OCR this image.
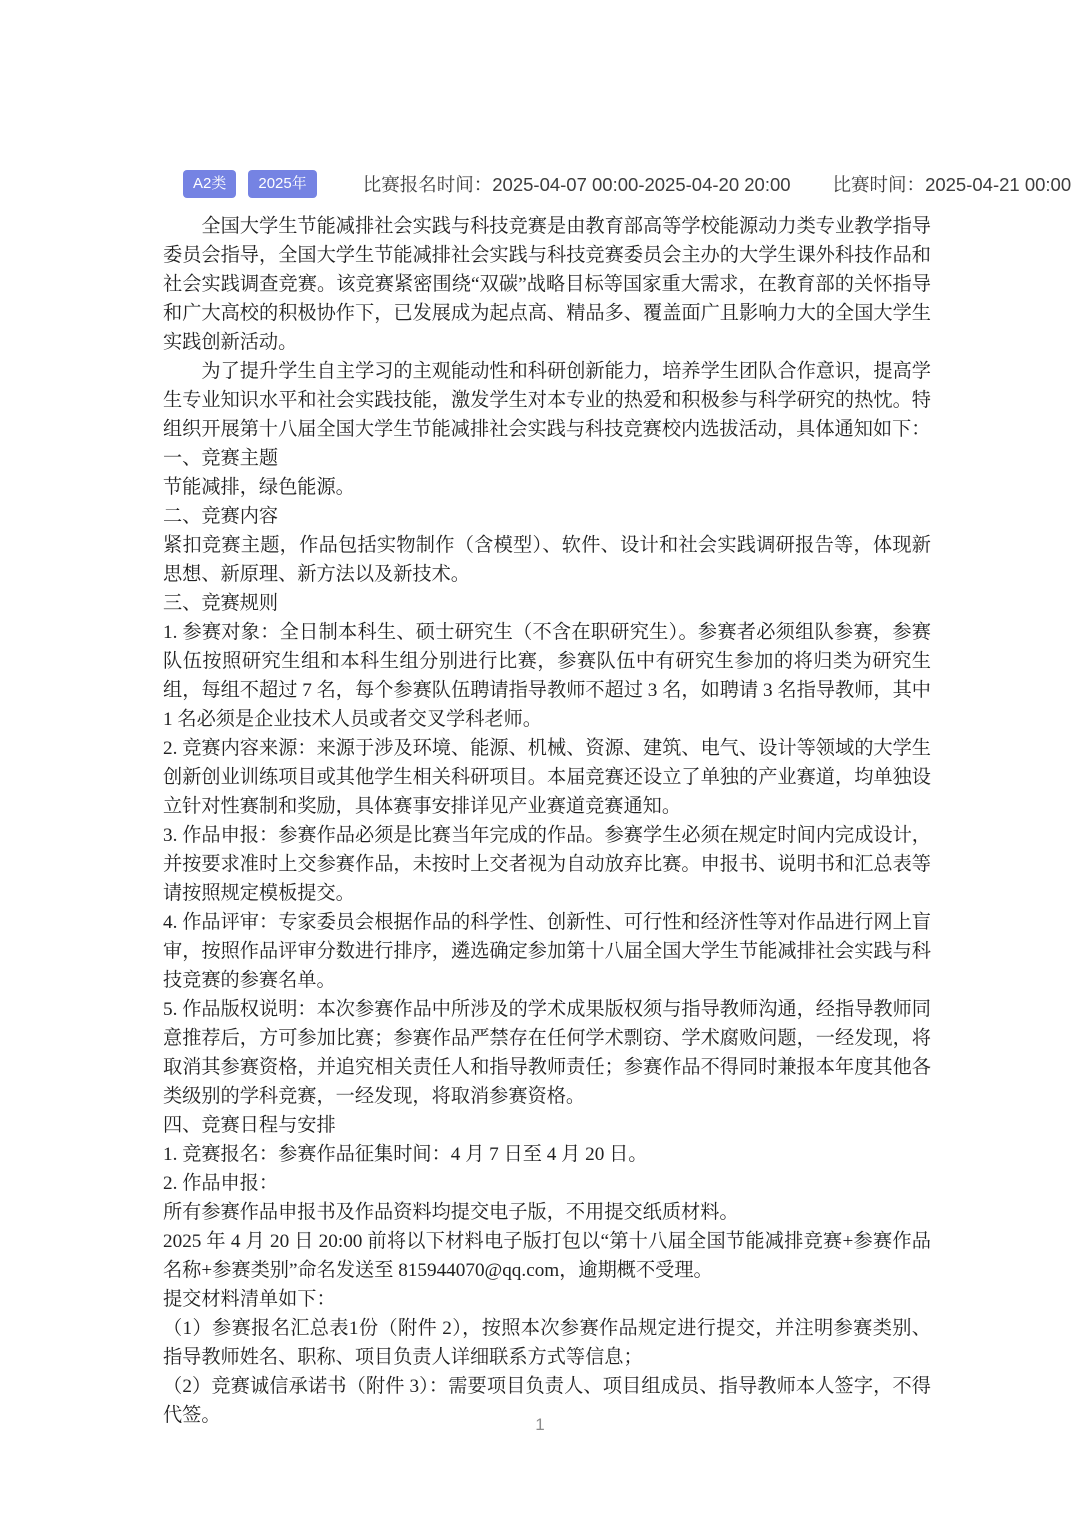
A2类	2025年	比赛报名时间：2025-04-07 00:00-2025-04-20 20:00 比赛时间：2025-04-21 00:00

全国大学生节能减排社会实践与科技竞赛是由教育部高等学校能源动力类专业教学指导委员会指导，全国大学生节能减排社会实践与科技竞赛委员会主办的大学生课外科技作品和社会实践调查竞赛。该竞赛紧密围绕“双碳”战略目标等国家重大需求，在教育部的关怀指导和广大高校的积极协作下，已发展成为起点高、精品多、覆盖面广且影响力大的全国大学生实践创新活动。

为了提升学生自主学习的主观能动性和科研创新能力，培养学生团队合作意识，提高学生专业知识水平和社会实践技能，激发学生对本专业的热爱和积极参与科学研究的热忱。特组织开展第十八届全国大学生节能减排社会实践与科技竞赛校内选拔活动，具体通知如下：

一、竞赛主题

节能减排，绿色能源。

二、竞赛内容

紧扣竞赛主题，作品包括实物制作（含模型）、软件、设计和社会实践调研报告等，体现新思想、新原理、新方法以及新技术。

三、竞赛规则

1. 参赛对象：全日制本科生、硕士研究生（不含在职研究生）。参赛者必须组队参赛，参赛队伍按照研究生组和本科生组分别进行比赛，参赛队伍中有研究生参加的将归类为研究生组，每组不超过 7 名，每个参赛队伍聘请指导教师不超过 3 名，如聘请 3 名指导教师，其中 1 名必须是企业技术人员或者交叉学科老师。

2. 竞赛内容来源：来源于涉及环境、能源、机械、资源、建筑、电气、设计等领域的大学生创新创业训练项目或其他学生相关科研项目。本届竞赛还设立了单独的产业赛道，均单独设立针对性赛制和奖励，具体赛事安排详见产业赛道竞赛通知。

3. 作品申报：参赛作品必须是比赛当年完成的作品。参赛学生必须在规定时间内完成设计，并按要求准时上交参赛作品，未按时上交者视为自动放弃比赛。申报书、说明书和汇总表等请按照规定模板提交。

4. 作品评审：专家委员会根据作品的科学性、创新性、可行性和经济性等对作品进行网上盲审，按照作品评审分数进行排序，遴选确定参加第十八届全国大学生节能减排社会实践与科技竞赛的参赛名单。

5. 作品版权说明：本次参赛作品中所涉及的学术成果版权须与指导教师沟通，经指导教师同意推荐后，方可参加比赛；参赛作品严禁存在任何学术剽窃、学术腐败问题，一经发现，将取消其参赛资格，并追究相关责任人和指导教师责任；参赛作品不得同时兼报本年度其他各类级别的学科竞赛，一经发现，将取消参赛资格。

四、竞赛日程与安排

1. 竞赛报名：参赛作品征集时间：4 月 7 日至 4 月 20 日。

2. 作品申报：

所有参赛作品申报书及作品资料均提交电子版，不用提交纸质材料。

2025 年 4 月 20 日 20:00 前将以下材料电子版打包以“第十八届全国节能减排竞赛+参赛作品名称+参赛类别”命名发送至 815944070@qq.com，逾期概不受理。

提交材料清单如下：

（1）参赛报名汇总表1份（附件 2），按照本次参赛作品规定进行提交，并注明参赛类别、指导教师姓名、职称、项目负责人详细联系方式等信息；

（2）竞赛诚信承诺书（附件 3）：需要项目负责人、项目组成员、指导教师本人签字，不得代签。	1
